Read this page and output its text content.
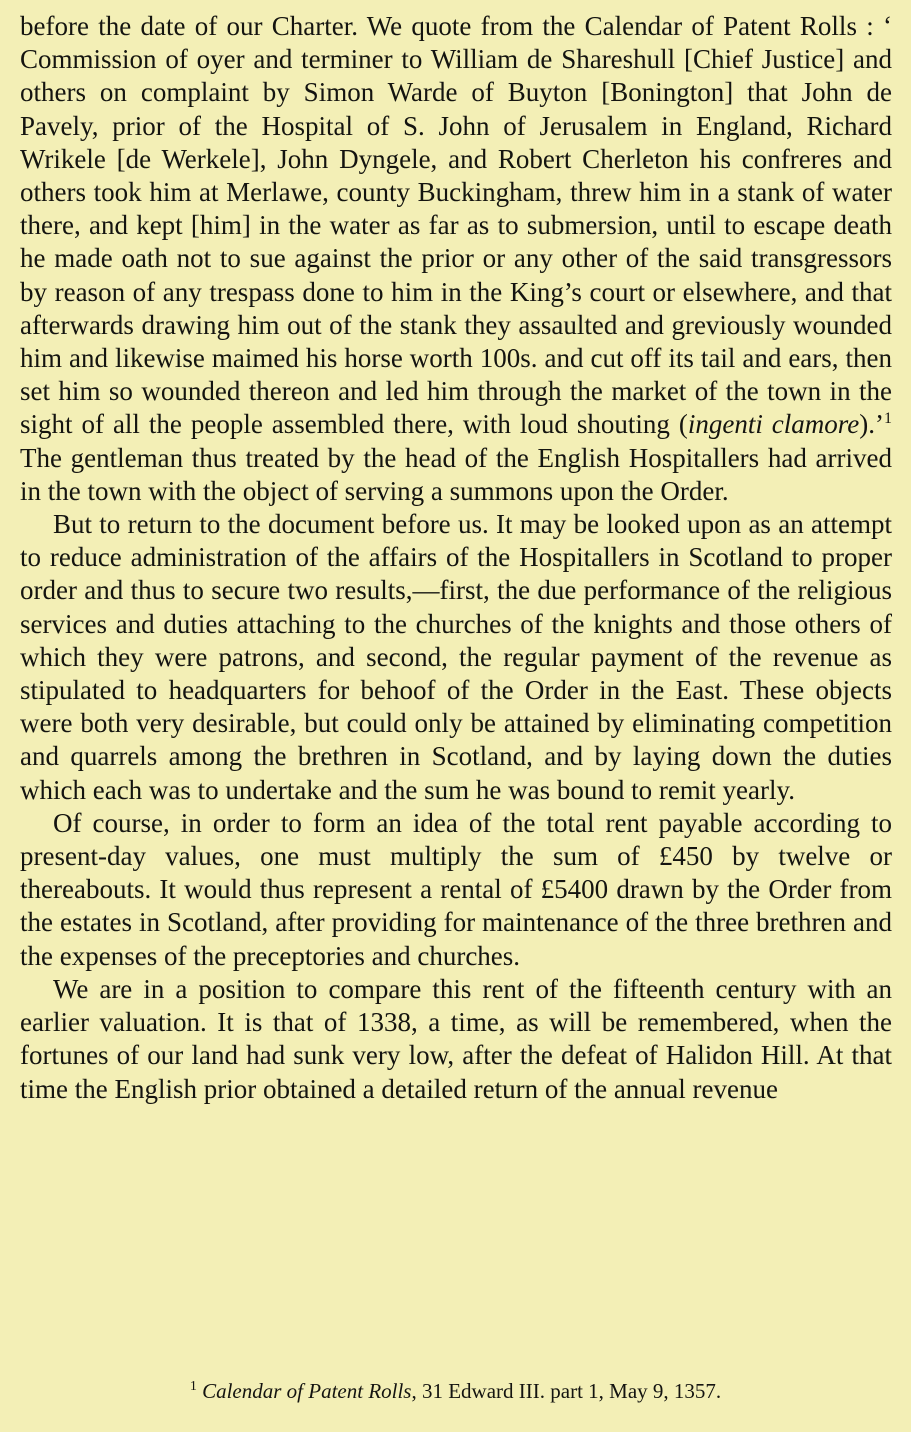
before the date of our Charter. We quote from the Calendar of Patent Rolls : ‘ Commission of oyer and terminer to William de Shareshull [Chief Justice] and others on complaint by Simon Warde of Buyton [Bonington] that John de Pavely, prior of the Hospital of S. John of Jerusalem in England, Richard Wrikele [de Werkele], John Dyngele, and Robert Cherleton his confreres and others took him at Merlawe, county Buckingham, threw him in a stank of water there, and kept [him] in the water as far as to submersion, until to escape death he made oath not to sue against the prior or any other of the said transgressors by reason of any trespass done to him in the King’s court or elsewhere, and that afterwards drawing him out of the stank they assaulted and greviously wounded him and likewise maimed his horse worth 100s. and cut off its tail and ears, then set him so wounded thereon and led him through the market of the town in the sight of all the people assembled there, with loud shouting (ingenti clamore).’$^1$ The gentleman thus treated by the head of the English Hospitallers had arrived in the town with the object of serving a summons upon the Order.

But to return to the document before us. It may be looked upon as an attempt to reduce administration of the affairs of the Hospitallers in Scotland to proper order and thus to secure two results,—first, the due performance of the religious services and duties attaching to the churches of the knights and those others of which they were patrons, and second, the regular payment of the revenue as stipulated to headquarters for behoof of the Order in the East. These objects were both very desirable, but could only be attained by eliminating competition and quarrels among the brethren in Scotland, and by laying down the duties which each was to undertake and the sum he was bound to remit yearly.

Of course, in order to form an idea of the total rent payable according to present-day values, one must multiply the sum of £450 by twelve or thereabouts. It would thus represent a rental of £5400 drawn by the Order from the estates in Scotland, after providing for maintenance of the three brethren and the expenses of the preceptories and churches.

We are in a position to compare this rent of the fifteenth century with an earlier valuation. It is that of 1338, a time, as will be remembered, when the fortunes of our land had sunk very low, after the defeat of Halidon Hill. At that time the English prior obtained a detailed return of the annual revenue

$^1$ Calendar of Patent Rolls, 31 Edward III. part 1, May 9, 1357.
